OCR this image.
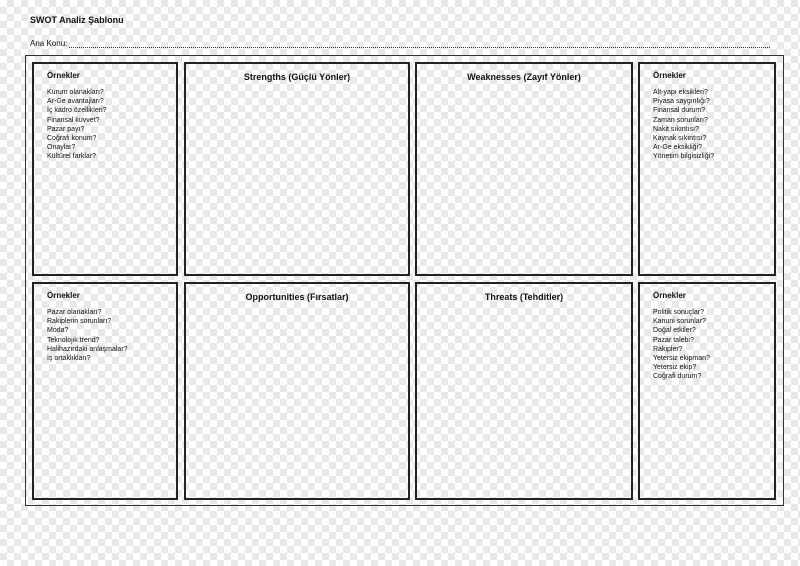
SWOT Analiz Şablonu
Ana Konu:
Örnekler
Kurum olanakları?
Ar-Ge avantajları?
İç kadro özellikleri?
Finansal kuvvet?
Pazar payı?
Coğrafi konum?
Onaylar?
Kültürel farklar?
Strengths (Güçlü Yönler)	Weaknesses (Zayıf Yönler)	Örnekler
Alt-yapı eksikleri?
Piyasa saygınlığı?
Finansal durum?
Zaman sorunları?
Nakit sıkıntısı?
Kaynak sıkıntısı?
Ar-Ge eksikliği?
Yönetim bilgisizliği?
Örnekler
Pazar olanakları?
Rakiplerin sorunları?
Moda?
Teknolojik trend?
Halihazırdaki anlaşmalar?
İş ortaklıkları?
Opportunities (Fırsatlar)	Threats (Tehditler)	Örnekler
Politik sonuçlar?
Kanuni sorunlar?
Doğal etkiler?
Pazar talebi?
Rakipler?
Yetersiz ekipman?
Yetersiz ekip?
Coğrafi durum?
